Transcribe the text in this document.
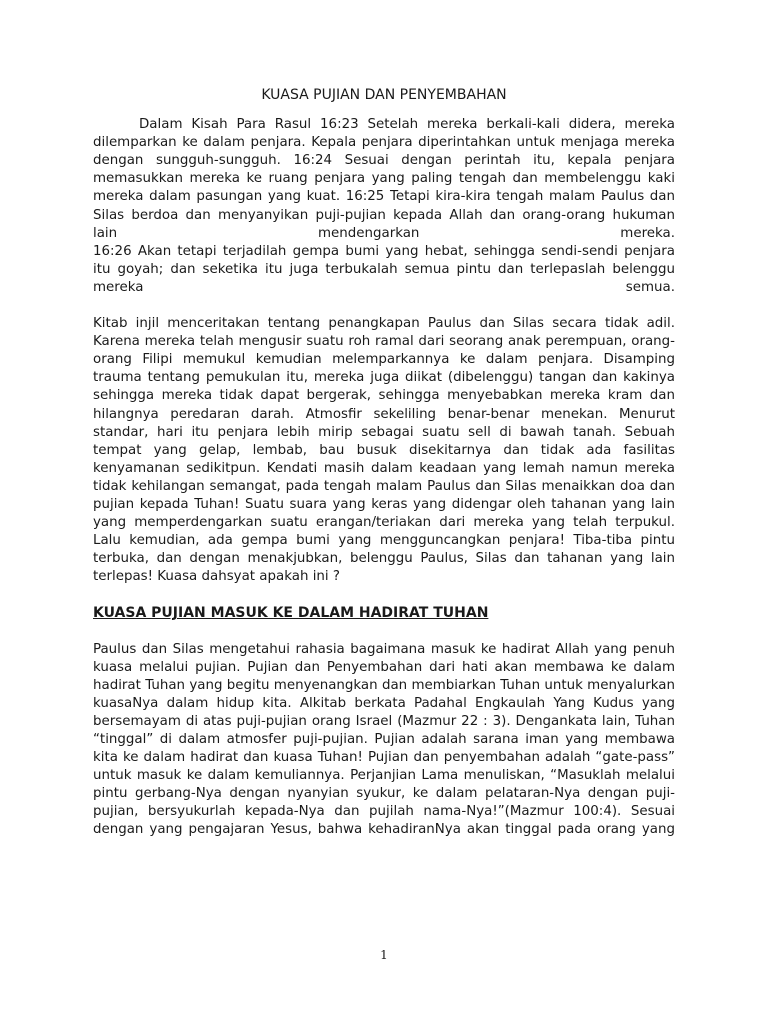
KUASA PUJIAN DAN PENYEMBAHAN

Dalam Kisah Para Rasul 16:23 Setelah mereka berkali-kali didera, mereka dilemparkan ke dalam penjara. Kepala penjara diperintahkan untuk menjaga mereka dengan sungguh-sungguh. 16:24 Sesuai dengan perintah itu, kepala penjara memasukkan mereka ke ruang penjara yang paling tengah dan membelenggu kaki mereka dalam pasungan yang kuat. 16:25 Tetapi kira-kira tengah malam Paulus dan Silas berdoa dan menyanyikan puji-pujian kepada Allah dan orang-orang hukuman lain mendengarkan mereka.

16:26 Akan tetapi terjadilah gempa bumi yang hebat, sehingga sendi-sendi penjara itu goyah; dan seketika itu juga terbukalah semua pintu dan terlepaslah belenggu mereka semua.

Kitab injil menceritakan tentang penangkapan Paulus dan Silas secara tidak adil. Karena mereka telah mengusir suatu roh ramal dari seorang anak perempuan, orang-orang Filipi memukul kemudian melemparkannya ke dalam penjara. Disamping trauma tentang pemukulan itu, mereka juga diikat (dibelenggu) tangan dan kakinya sehingga mereka tidak dapat bergerak, sehingga menyebabkan mereka kram dan hilangnya peredaran darah. Atmosfir sekeliling benar-benar menekan. Menurut standar, hari itu penjara lebih mirip sebagai suatu sell di bawah tanah. Sebuah tempat yang gelap, lembab, bau busuk disekitarnya dan tidak ada fasilitas kenyamanan sedikitpun. Kendati masih dalam keadaan yang lemah namun mereka tidak kehilangan semangat, pada tengah malam Paulus dan Silas menaikkan doa dan pujian kepada Tuhan! Suatu suara yang keras yang didengar oleh tahanan yang lain yang memperdengarkan suatu erangan/teriakan dari mereka yang telah terpukul.

Lalu kemudian, ada gempa bumi yang mengguncangkan penjara! Tiba-tiba pintu terbuka, dan dengan menakjubkan, belenggu Paulus, Silas dan tahanan yang lain terlepas! Kuasa dahsyat apakah ini ?

KUASA PUJIAN MASUK KE DALAM HADIRAT TUHAN

Paulus dan Silas mengetahui rahasia bagaimana masuk ke hadirat Allah yang penuh kuasa melalui pujian. Pujian dan Penyembahan dari hati akan membawa ke dalam hadirat Tuhan yang begitu menyenangkan dan membiarkan Tuhan untuk menyalurkan kuasaNya dalam hidup kita. Alkitab berkata Padahal Engkaulah Yang Kudus yang bersemayam di atas puji-pujian orang Israel (Mazmur 22 : 3). Dengankata lain, Tuhan “tinggal” di dalam atmosfer puji-pujian. Pujian adalah sarana iman yang membawa kita ke dalam hadirat dan kuasa Tuhan! Pujian dan penyembahan adalah “gate-pass” untuk masuk ke dalam kemuliannya. Perjanjian Lama menuliskan, “Masuklah melalui pintu gerbang-Nya dengan nyanyian syukur, ke dalam pelataran-Nya dengan puji-pujian, bersyukurlah kepada-Nya dan pujilah nama-Nya!”(Mazmur 100:4). Sesuai dengan yang pengajaran Yesus, bahwa kehadiranNya akan tinggal pada orang yang

1
